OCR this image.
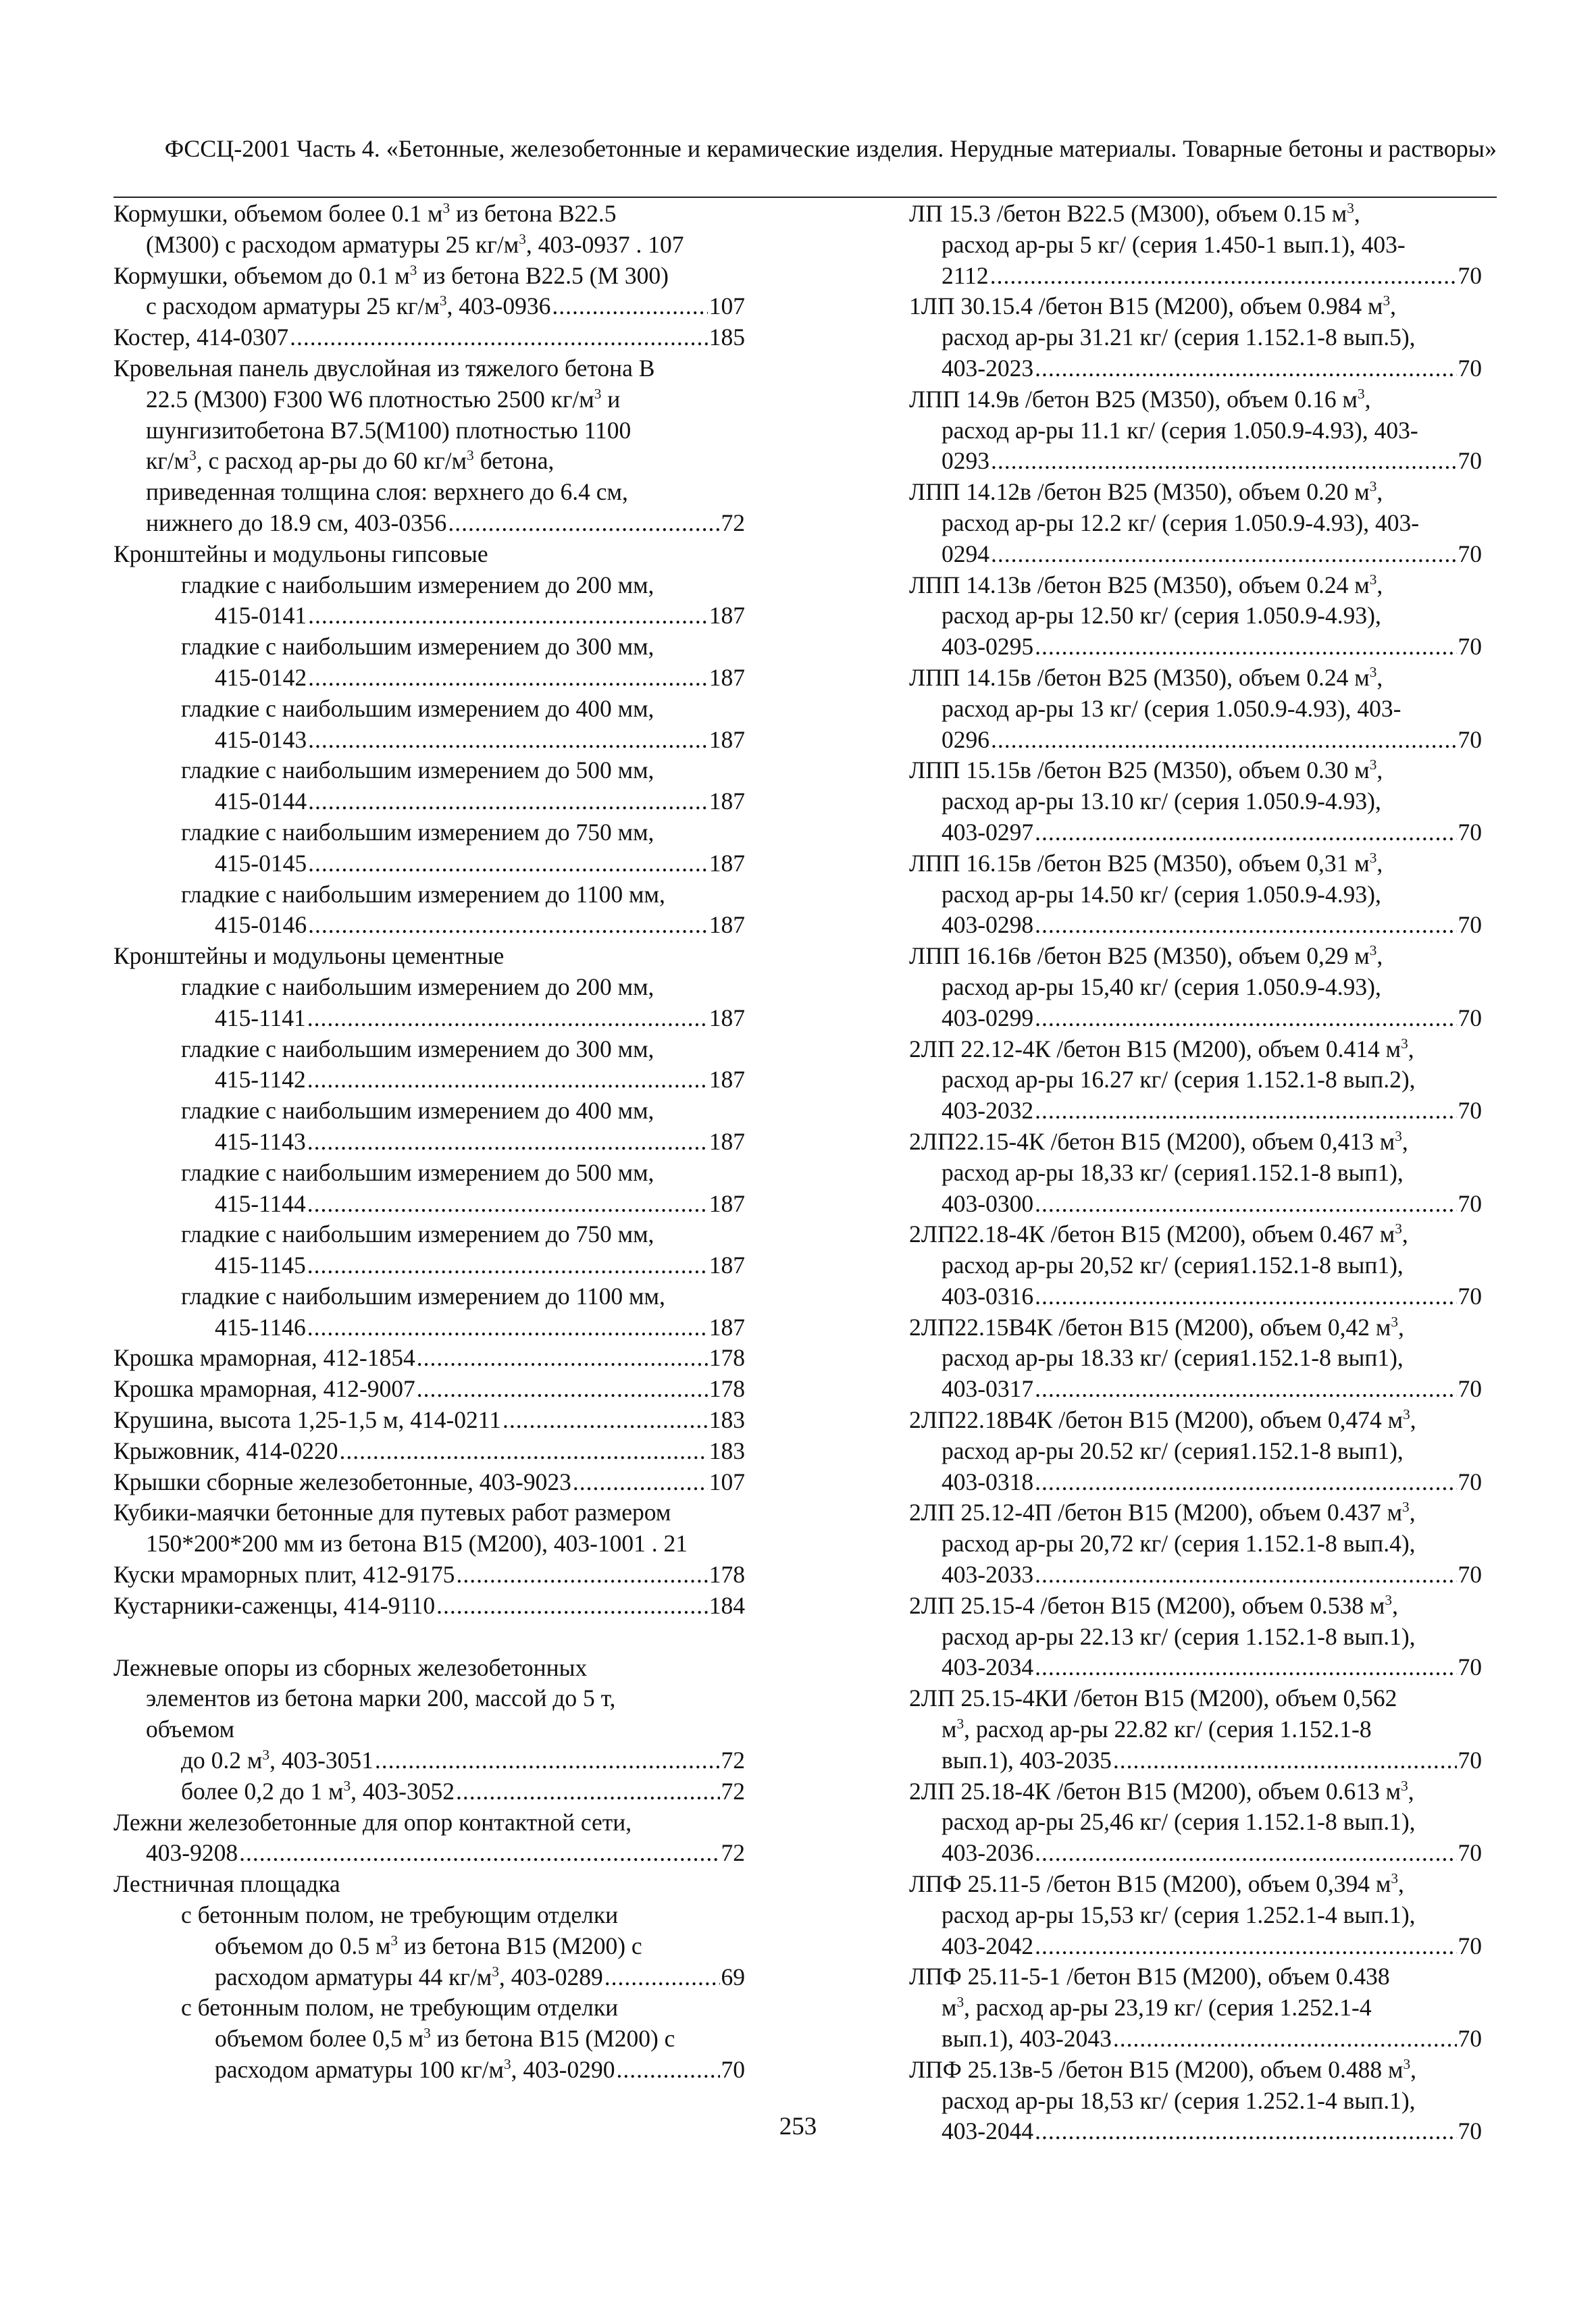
ФССЦ-2001 Часть 4. «Бетонные, железобетонные и керамические изделия. Нерудные материалы. Товарные бетоны и растворы»
Кормушки, объемом более 0.1 $м^3$ из бетона В22.5
(М300) с расходом арматуры 25 $кг/м^3$, 403-0937 . 107
Кормушки, объемом до 0.1 $м^3$ из бетона В22.5 (М 300)
с расходом арматуры 25 $кг/м^3$, 403-0936 .....	107
Костер, 414-0307 .....	185
Кровельная панель двуслойная из тяжелого бетона В
22.5 (М300) F300 W6 плотностью 2500 $кг/м^3$ и
шунгизитобетона В7.5(М100) плотностью 1100
$кг/м^3$, с расход ар-ры до 60 $кг/м^3$ бетона,
приведенная толщина слоя: верхнего до 6.4 см,
нижнего до 18.9 см, 403-0356 .....	72
Кронштейны и модульоны гипсовые
гладкие с наибольшим измерением до 200 мм,
415-0141 .....	187
гладкие с наибольшим измерением до 300 мм,
415-0142 .....	187
гладкие с наибольшим измерением до 400 мм,
415-0143 .....	187
гладкие с наибольшим измерением до 500 мм,
415-0144 .....	187
гладкие с наибольшим измерением до 750 мм,
415-0145 .....	187
гладкие с наибольшим измерением до 1100 мм,
415-0146 .....	187
Кронштейны и модульоны цементные
гладкие с наибольшим измерением до 200 мм,
415-1141 .....	187
гладкие с наибольшим измерением до 300 мм,
415-1142 .....	187
гладкие с наибольшим измерением до 400 мм,
415-1143 .....	187
гладкие с наибольшим измерением до 500 мм,
415-1144 .....	187
гладкие с наибольшим измерением до 750 мм,
415-1145 .....	187
гладкие с наибольшим измерением до 1100 мм,
415-1146 .....	187
Крошка мраморная, 412-1854 .....	178
Крошка мраморная, 412-9007 .....	178
Крушина, высота 1,25-1,5 м, 414-0211 .....	183
Крыжовник, 414-0220 .....	183
Крышки сборные железобетонные, 403-9023 .....	107
Кубики-маячки бетонные для путевых работ размером
150*200*200 мм из бетона В15 (М200), 403-1001 . 21
Куски мраморных плит, 412-9175 .....	178
Кустарники-саженцы, 414-9110 .....	184
Лежневые опоры из сборных железобетонных
элементов из бетона марки 200, массой до 5 т,
объемом
до 0.2 $м^3$, 403-3051 .....	72
более 0,2 до 1 $м^3$, 403-3052 .....	72
Лежни железобетонные для опор контактной сети,
403-9208 .....	72
Лестничная площадка
с бетонным полом, не требующим отделки
объемом до 0.5 $м^3$ из бетона В15 (М200) с
расходом арматуры 44 $кг/м^3$, 403-0289 .....	69
с бетонным полом, не требующим отделки
объемом более 0,5 $м^3$ из бетона В15 (М200) с
расходом арматуры 100 $кг/м^3$, 403-0290 .....	70
ЛП 15.3 /бетон В22.5 (М300), объем 0.15 $м^3$,
расход ар-ры 5 кг/ (серия 1.450-1 вып.1), 403-
2112 .....	70
1ЛП 30.15.4 /бетон В15 (М200), объем 0.984 $м^3$,
расход ар-ры 31.21 кг/ (серия 1.152.1-8 вып.5),
403-2023 .....	70
ЛПП 14.9в /бетон В25 (М350), объем 0.16 $м^3$,
расход ар-ры 11.1 кг/ (серия 1.050.9-4.93), 403-
0293 .....	70
ЛПП 14.12в /бетон В25 (М350), объем 0.20 $м^3$,
расход ар-ры 12.2 кг/ (серия 1.050.9-4.93), 403-
0294 .....	70
ЛПП 14.13в /бетон В25 (М350), объем 0.24 $м^3$,
расход ар-ры 12.50 кг/ (серия 1.050.9-4.93),
403-0295 .....	70
ЛПП 14.15в /бетон В25 (М350), объем 0.24 $м^3$,
расход ар-ры 13 кг/ (серия 1.050.9-4.93), 403-
0296 .....	70
ЛПП 15.15в /бетон В25 (М350), объем 0.30 $м^3$,
расход ар-ры 13.10 кг/ (серия 1.050.9-4.93),
403-0297 .....	70
ЛПП 16.15в /бетон В25 (М350), объем 0,31 $м^3$,
расход ар-ры 14.50 кг/ (серия 1.050.9-4.93),
403-0298 .....	70
ЛПП 16.16в /бетон В25 (М350), объем 0,29 $м^3$,
расход ар-ры 15,40 кг/ (серия 1.050.9-4.93),
403-0299 .....	70
2ЛП 22.12-4К /бетон В15 (М200), объем 0.414 $м^3$,
расход ар-ры 16.27 кг/ (серия 1.152.1-8 вып.2),
403-2032 .....	70
2ЛП22.15-4К /бетон В15 (М200), объем 0,413 $м^3$,
расход ар-ры 18,33 кг/ (серия1.152.1-8 вып1),
403-0300 .....	70
2ЛП22.18-4К /бетон В15 (М200), объем 0.467 $м^3$,
расход ар-ры 20,52 кг/ (серия1.152.1-8 вып1),
403-0316 .....	70
2ЛП22.15В4К /бетон В15 (М200), объем 0,42 $м^3$,
расход ар-ры 18.33 кг/ (серия1.152.1-8 вып1),
403-0317 .....	70
2ЛП22.18В4К /бетон В15 (М200), объем 0,474 $м^3$,
расход ар-ры 20.52 кг/ (серия1.152.1-8 вып1),
403-0318 .....	70
2ЛП 25.12-4П /бетон В15 (М200), объем 0.437 $м^3$,
расход ар-ры 20,72 кг/ (серия 1.152.1-8 вып.4),
403-2033 .....	70
2ЛП 25.15-4 /бетон В15 (М200), объем 0.538 $м^3$,
расход ар-ры 22.13 кг/ (серия 1.152.1-8 вып.1),
403-2034 .....	70
2ЛП 25.15-4КИ /бетон В15 (М200), объем 0,562
$м^3$, расход ар-ры 22.82 кг/ (серия 1.152.1-8
вып.1), 403-2035 .....	70
2ЛП 25.18-4К /бетон В15 (М200), объем 0.613 $м^3$,
расход ар-ры 25,46 кг/ (серия 1.152.1-8 вып.1),
403-2036 .....	70
ЛПФ 25.11-5 /бетон В15 (М200), объем 0,394 $м^3$,
расход ар-ры 15,53 кг/ (серия 1.252.1-4 вып.1),
403-2042 .....	70
ЛПФ 25.11-5-1 /бетон В15 (М200), объем 0.438
$м^3$, расход ар-ры 23,19 кг/ (серия 1.252.1-4
вып.1), 403-2043 .....	70
ЛПФ 25.13в-5 /бетон В15 (М200), объем 0.488 $м^3$,
расход ар-ры 18,53 кг/ (серия 1.252.1-4 вып.1),
403-2044 .....	70
253
